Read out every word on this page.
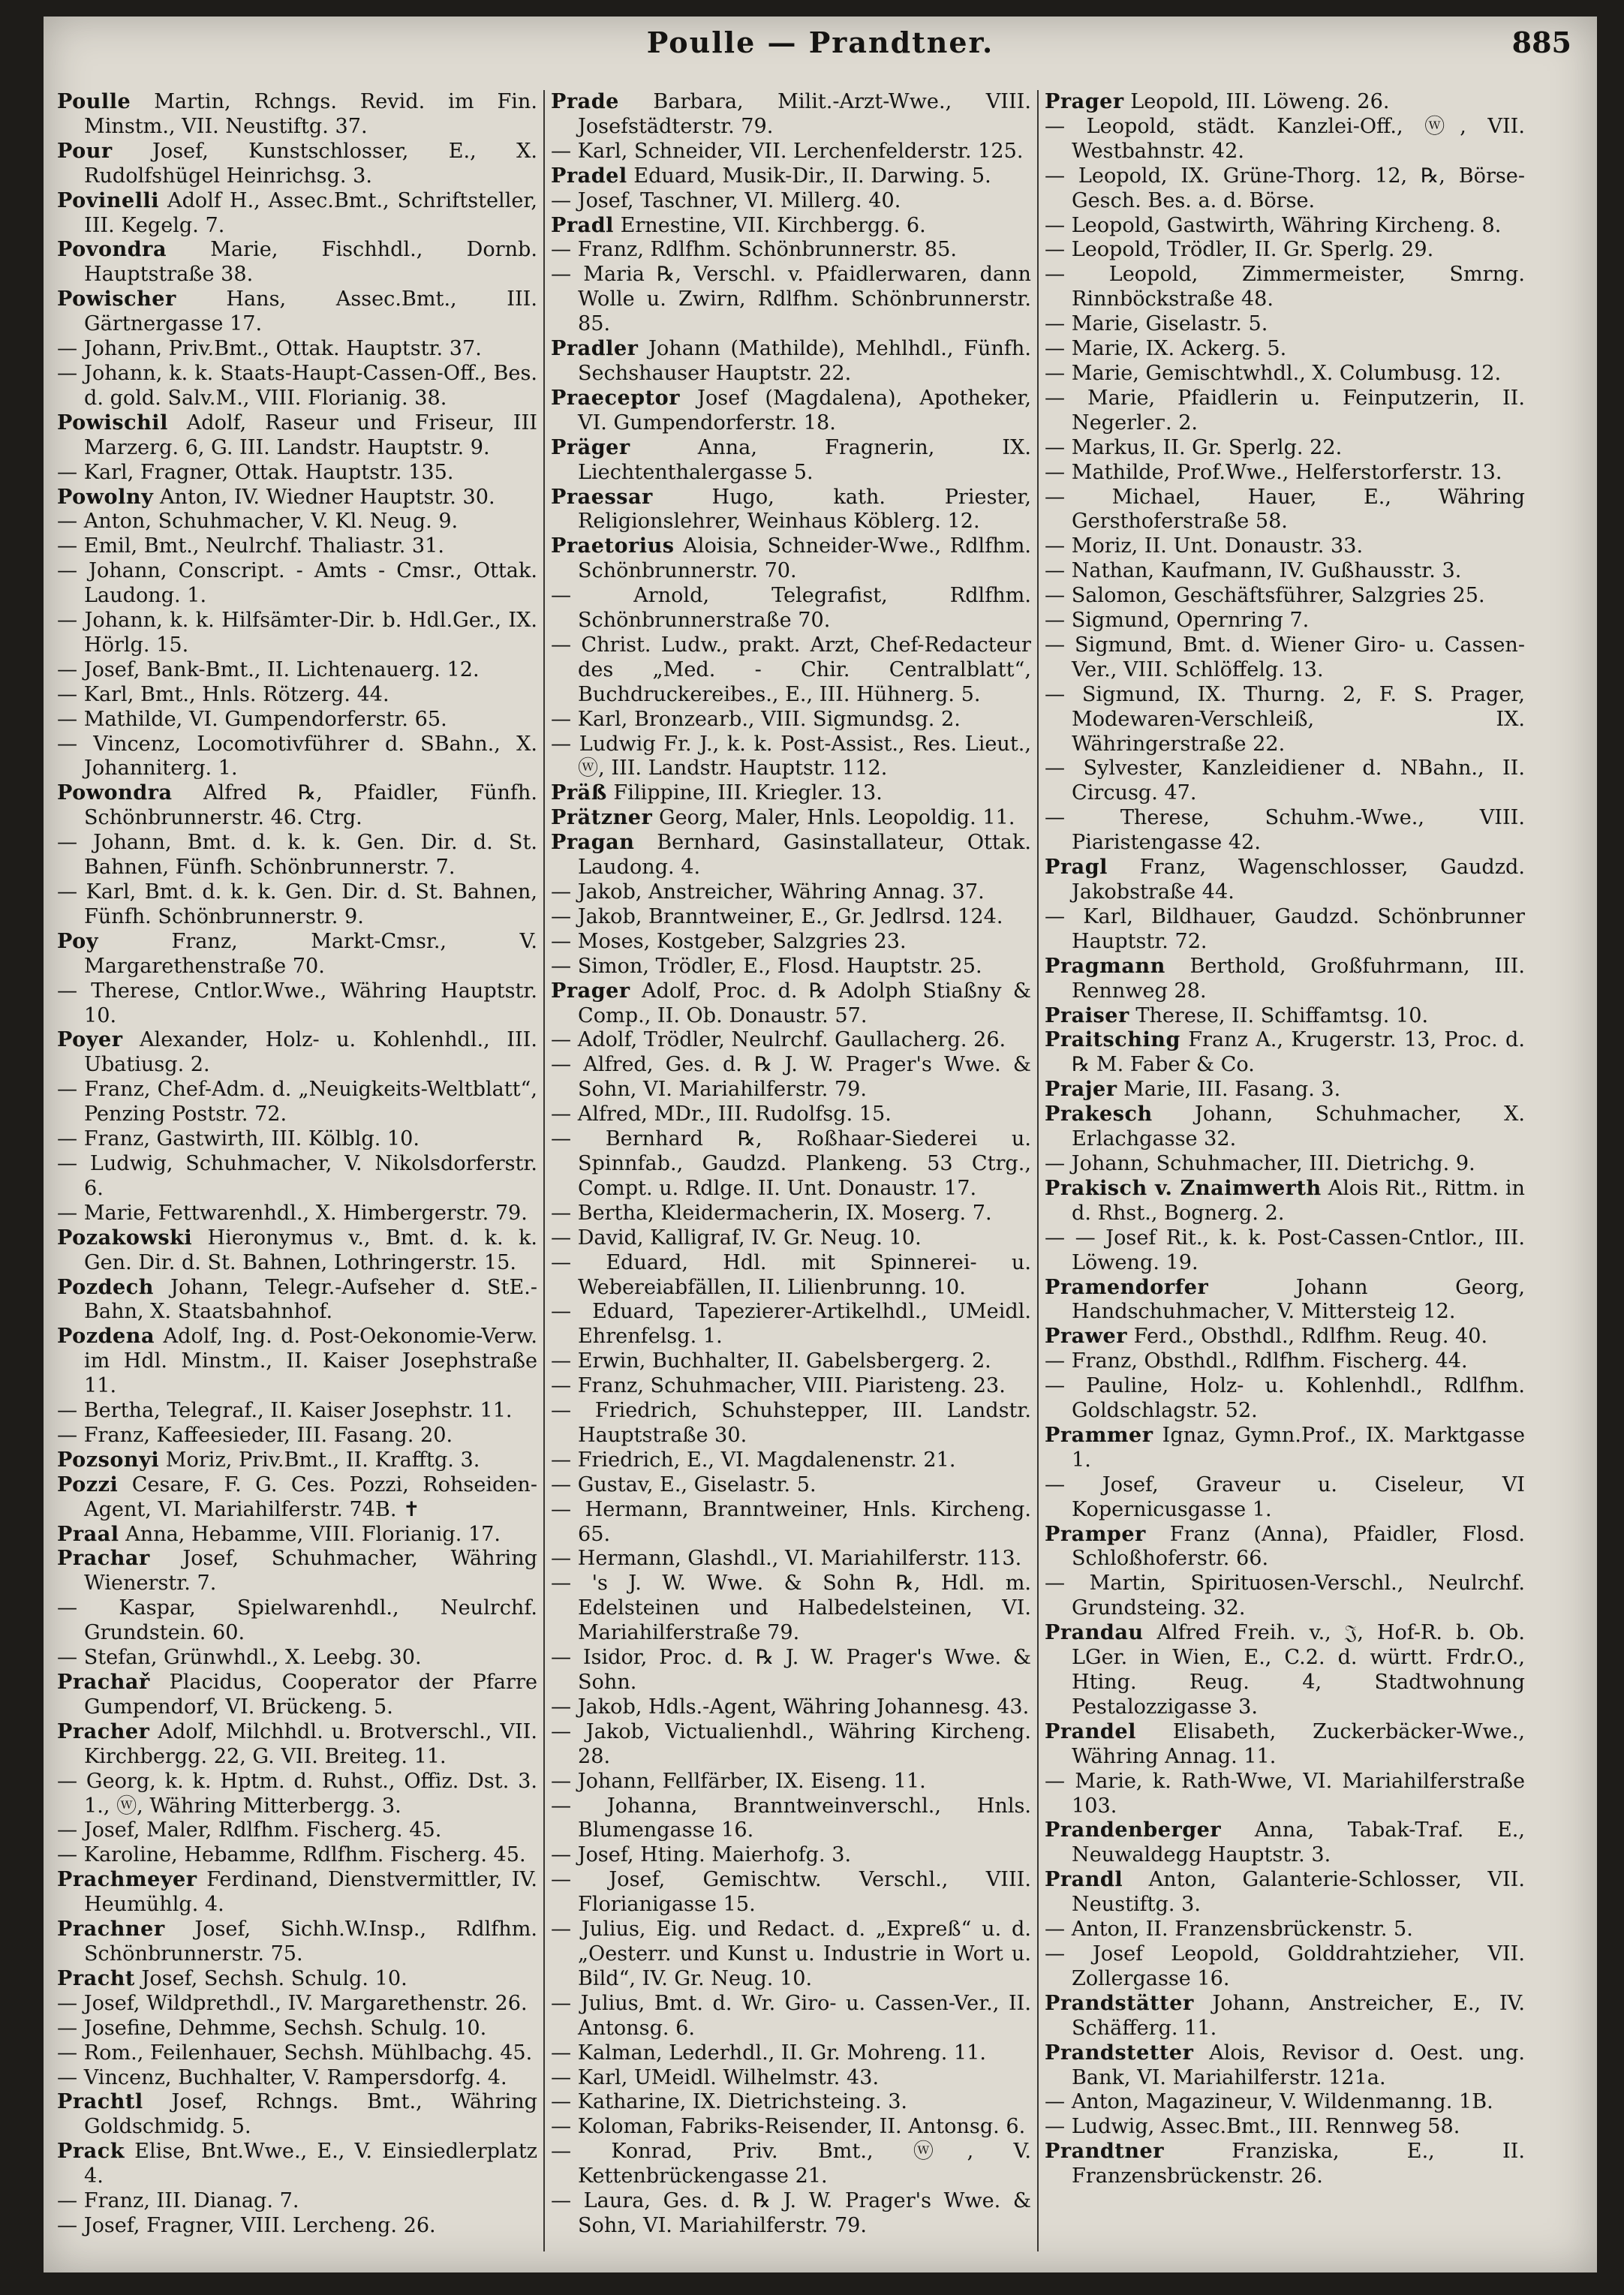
Poulle — Prandtner.	885
Poulle Martin, Rchngs. Revid. im Fin. Minstm., VII. Neustiftg. 37.
Pour Josef, Kunstschlosser, E., X. Rudolfshügel Heinrichsg. 3.
Povinelli Adolf H., Assec.Bmt., Schriftsteller, III. Kegelg. 7.
Povondra Marie, Fischhdl., Dornb. Hauptstraße 38.
Powischer Hans, Assec.Bmt., III. Gärtnergasse 17.
— Johann, Priv.Bmt., Ottak. Hauptstr. 37.
— Johann, k. k. Staats-Haupt-Cassen-Off., Bes. d. gold. Salv.M., VIII. Florianig. 38.
Powischil Adolf, Raseur und Friseur, III Marzerg. 6, G. III. Landstr. Hauptstr. 9.
— Karl, Fragner, Ottak. Hauptstr. 135.
Powolny Anton, IV. Wiedner Hauptstr. 30.
— Anton, Schuhmacher, V. Kl. Neug. 9.
— Emil, Bmt., Neulrchf. Thaliastr. 31.
— Johann, Conscript. - Amts - Cmsr., Ottak. Laudong. 1.
— Johann, k. k. Hilfsämter-Dir. b. Hdl.Ger., IX. Hörlg. 15.
— Josef, Bank-Bmt., II. Lichtenauerg. 12.
— Karl, Bmt., Hnls. Rötzerg. 44.
— Mathilde, VI. Gumpendorferstr. 65.
— Vincenz, Locomotivführer d. SBahn., X. Johanniterg. 1.
Powondra Alfred ℞, Pfaidler, Fünfh. Schönbrunnerstr. 46. Ctrg.
— Johann, Bmt. d. k. k. Gen. Dir. d. St. Bahnen, Fünfh. Schönbrunnerstr. 7.
— Karl, Bmt. d. k. k. Gen. Dir. d. St. Bahnen, Fünfh. Schönbrunnerstr. 9.
Poy Franz, Markt-Cmsr., V. Margarethenstraße 70.
— Therese, Cntlor.Wwe., Währing Hauptstr. 10.
Poyer Alexander, Holz- u. Kohlenhdl., III. Ubatiusg. 2.
— Franz, Chef-Adm. d. „Neuigkeits-Weltblatt“, Penzing Poststr. 72.
— Franz, Gastwirth, III. Kölblg. 10.
— Ludwig, Schuhmacher, V. Nikolsdorferstr. 6.
— Marie, Fettwarenhdl., X. Himbergerstr. 79.
Pozakowski Hieronymus v., Bmt. d. k. k. Gen. Dir. d. St. Bahnen, Lothringerstr. 15.
Pozdech Johann, Telegr.-Aufseher d. StE.-Bahn, X. Staatsbahnhof.
Pozdena Adolf, Ing. d. Post-Oekonomie-Verw. im Hdl. Minstm., II. Kaiser Josephstraße 11.
— Bertha, Telegraf., II. Kaiser Josephstr. 11.
— Franz, Kaffeesieder, III. Fasang. 20.
Pozsonyi Moriz, Priv.Bmt., II. Krafftg. 3.
Pozzi Cesare, F. G. Ces. Pozzi, Rohseiden-Agent, VI. Mariahilferstr. 74B. ✝
Praal Anna, Hebamme, VIII. Florianig. 17.
Prachar Josef, Schuhmacher, Währing Wienerstr. 7.
— Kaspar, Spielwarenhdl., Neulrchf. Grundstein. 60.
— Stefan, Grünwhdl., X. Leebg. 30.
Prachař Placidus, Cooperator der Pfarre Gumpendorf, VI. Brückeng. 5.
Pracher Adolf, Milchhdl. u. Brotverschl., VII. Kirchbergg. 22, G. VII. Breiteg. 11.
— Georg, k. k. Hptm. d. Ruhst., Offiz. Dst. 3. 1., ⓦ, Währing Mitterbergg. 3.
— Josef, Maler, Rdlfhm. Fischerg. 45.
— Karoline, Hebamme, Rdlfhm. Fischerg. 45.
Prachmeyer Ferdinand, Dienstvermittler, IV. Heumühlg. 4.
Prachner Josef, Sichh.W.Insp., Rdlfhm. Schönbrunnerstr. 75.
Pracht Josef, Sechsh. Schulg. 10.
— Josef, Wildprethdl., IV. Margarethenstr. 26.
— Josefine, Dehmme, Sechsh. Schulg. 10.
— Rom., Feilenhauer, Sechsh. Mühlbachg. 45.
— Vincenz, Buchhalter, V. Rampersdorfg. 4.
Prachtl Josef, Rchngs. Bmt., Währing Goldschmidg. 5.
Prack Elise, Bnt.Wwe., E., V. Einsiedlerplatz 4.
— Franz, III. Dianag. 7.
— Josef, Fragner, VIII. Lercheng. 26.
Prade Barbara, Milit.-Arzt-Wwe., VIII. Josefstädterstr. 79.
— Karl, Schneider, VII. Lerchenfelderstr. 125.
Pradel Eduard, Musik-Dir., II. Darwing. 5.
— Josef, Taschner, VI. Millerg. 40.
Pradl Ernestine, VII. Kirchbergg. 6.
— Franz, Rdlfhm. Schönbrunnerstr. 85.
— Maria ℞, Verschl. v. Pfaidlerwaren, dann Wolle u. Zwirn, Rdlfhm. Schönbrunnerstr. 85.
Pradler Johann (Mathilde), Mehlhdl., Fünfh. Sechshauser Hauptstr. 22.
Praeceptor Josef (Magdalena), Apotheker, VI. Gumpendorferstr. 18.
Präger Anna, Fragnerin, IX. Liechtenthalergasse 5.
Praessar Hugo, kath. Priester, Religionslehrer, Weinhaus Köblerg. 12.
Praetorius Aloisia, Schneider-Wwe., Rdlfhm. Schönbrunnerstr. 70.
— Arnold, Telegrafist, Rdlfhm. Schönbrunnerstraße 70.
— Christ. Ludw., prakt. Arzt, Chef-Redacteur des „Med. - Chir. Centralblatt“, Buchdruckereibes., E., III. Hühnerg. 5.
— Karl, Bronzearb., VIII. Sigmundsg. 2.
— Ludwig Fr. J., k. k. Post-Assist., Res. Lieut., ⓦ, III. Landstr. Hauptstr. 112.
Präß Filippine, III. Kriegler. 13.
Prätzner Georg, Maler, Hnls. Leopoldig. 11.
Pragan Bernhard, Gasinstallateur, Ottak. Laudong. 4.
— Jakob, Anstreicher, Währing Annag. 37.
— Jakob, Branntweiner, E., Gr. Jedlrsd. 124.
— Moses, Kostgeber, Salzgries 23.
— Simon, Trödler, E., Flosd. Hauptstr. 25.
Prager Adolf, Proc. d. ℞ Adolph Stiaßny & Comp., II. Ob. Donaustr. 57.
— Adolf, Trödler, Neulrchf. Gaullacherg. 26.
— Alfred, Ges. d. ℞ J. W. Prager's Wwe. & Sohn, VI. Mariahilferstr. 79.
— Alfred, MDr., III. Rudolfsg. 15.
— Bernhard ℞, Roßhaar-Siederei u. Spinnfab., Gaudzd. Plankeng. 53 Ctrg., Compt. u. Rdlge. II. Unt. Donaustr. 17.
— Bertha, Kleidermacherin, IX. Moserg. 7.
— David, Kalligraf, IV. Gr. Neug. 10.
— Eduard, Hdl. mit Spinnerei- u. Webereiabfällen, II. Lilienbrunng. 10.
— Eduard, Tapezierer-Artikelhdl., UMeidl. Ehrenfelsg. 1.
— Erwin, Buchhalter, II. Gabelsbergerg. 2.
— Franz, Schuhmacher, VIII. Piaristeng. 23.
— Friedrich, Schuhstepper, III. Landstr. Hauptstraße 30.
— Friedrich, E., VI. Magdalenenstr. 21.
— Gustav, E., Giselastr. 5.
— Hermann, Branntweiner, Hnls. Kircheng. 65.
— Hermann, Glashdl., VI. Mariahilferstr. 113.
— 's J. W. Wwe. & Sohn ℞, Hdl. m. Edelsteinen und Halbedelsteinen, VI. Mariahilferstraße 79.
— Isidor, Proc. d. ℞ J. W. Prager's Wwe. & Sohn.
— Jakob, Hdls.-Agent, Währing Johannesg. 43.
— Jakob, Victualienhdl., Währing Kircheng. 28.
— Johann, Fellfärber, IX. Eiseng. 11.
— Johanna, Branntweinverschl., Hnls. Blumengasse 16.
— Josef, Hting. Maierhofg. 3.
— Josef, Gemischtw. Verschl., VIII. Florianigasse 15.
— Julius, Eig. und Redact. d. „Expreß“ u. d. „Oesterr. und Kunst u. Industrie in Wort u. Bild“, IV. Gr. Neug. 10.
— Julius, Bmt. d. Wr. Giro- u. Cassen-Ver., II. Antonsg. 6.
— Kalman, Lederhdl., II. Gr. Mohreng. 11.
— Karl, UMeidl. Wilhelmstr. 43.
— Katharine, IX. Dietrichsteing. 3.
— Koloman, Fabriks-Reisender, II. Antonsg. 6.
— Konrad, Priv. Bmt., ⓦ, V. Kettenbrückengasse 21.
— Laura, Ges. d. ℞ J. W. Prager's Wwe. & Sohn, VI. Mariahilferstr. 79.
Prager Leopold, III. Löweng. 26.
— Leopold, städt. Kanzlei-Off., ⓦ, VII. Westbahnstr. 42.
— Leopold, IX. Grüne-Thorg. 12, ℞, Börse-Gesch. Bes. a. d. Börse.
— Leopold, Gastwirth, Währing Kircheng. 8.
— Leopold, Trödler, II. Gr. Sperlg. 29.
— Leopold, Zimmermeister, Smrng. Rinnböckstraße 48.
— Marie, Giselastr. 5.
— Marie, IX. Ackerg. 5.
— Marie, Gemischtwhdl., X. Columbusg. 12.
— Marie, Pfaidlerin u. Feinputzerin, II. Negerlег. 2.
— Markus, II. Gr. Sperlg. 22.
— Mathilde, Prof.Wwe., Helferstorferstr. 13.
— Michael, Hauer, E., Währing Gersthoferstraße 58.
— Moriz, II. Unt. Donaustr. 33.
— Nathan, Kaufmann, IV. Gußhausstr. 3.
— Salomon, Geschäftsführer, Salzgries 25.
— Sigmund, Opernring 7.
— Sigmund, Bmt. d. Wiener Giro- u. Cassen-Ver., VIII. Schlöffelg. 13.
— Sigmund, IX. Thurng. 2, F. S. Prager, Modewaren-Verschleiß, IX. Währingerstraße 22.
— Sylvester, Kanzleidiener d. NBahn., II. Circusg. 47.
— Therese, Schuhm.-Wwe., VIII. Piaristengasse 42.
Pragl Franz, Wagenschlosser, Gaudzd. Jakobstraße 44.
— Karl, Bildhauer, Gaudzd. Schönbrunner Hauptstr. 72.
Pragmann Berthold, Großfuhrmann, III. Rennweg 28.
Praiser Therese, II. Schiffamtsg. 10.
Praitsching Franz A., Krugerstr. 13, Proc. d. ℞ M. Faber & Co.
Prajer Marie, III. Fasang. 3.
Prakesch Johann, Schuhmacher, X. Erlachgasse 32.
— Johann, Schuhmacher, III. Dietrichg. 9.
Prakisch v. Znaimwerth Alois Rit., Rittm. in d. Rhst., Bognerg. 2.
— — Josef Rit., k. k. Post-Cassen-Cntlor., III. Löweng. 19.
Pramendorfer Johann Georg, Handschuhmacher, V. Mittersteig 12.
Prawer Ferd., Obsthdl., Rdlfhm. Reug. 40.
— Franz, Obsthdl., Rdlfhm. Fischerg. 44.
— Pauline, Holz- u. Kohlenhdl., Rdlfhm. Goldschlagstr. 52.
Prammer Ignaz, Gymn.Prof., IX. Marktgasse 1.
— Josef, Graveur u. Ciseleur, VI Kopernicusgasse 1.
Pramper Franz (Anna), Pfaidler, Flosd. Schloßhoferstr. 66.
— Martin, Spirituosen-Verschl., Neulrchf. Grundsteing. 32.
Prandau Alfred Freih. v., 𝔍, Hof-R. b. Ob. LGer. in Wien, E., C.2. d. württ. Frdr.O., Hting. Reug. 4, Stadtwohnung Pestalozzigasse 3.
Prandel Elisabeth, Zuckerbäcker-Wwe., Währing Annag. 11.
— Marie, k. Rath-Wwe, VI. Mariahilferstraße 103.
Prandenberger Anna, Tabak-Traf. E., Neuwaldegg Hauptstr. 3.
Prandl Anton, Galanterie-Schlosser, VII. Neustiftg. 3.
— Anton, II. Franzensbrückenstr. 5.
— Josef Leopold, Golddrahtzieher, VII. Zollergasse 16.
Prandstätter Johann, Anstreicher, E., IV. Schäfferg. 11.
Prandstetter Alois, Revisor d. Oest. ung. Bank, VI. Mariahilferstr. 121a.
— Anton, Magazineur, V. Wildenmanng. 1B.
— Ludwig, Assec.Bmt., III. Rennweg 58.
Prandtner Franziska, E., II. Franzensbrückenstr. 26.
